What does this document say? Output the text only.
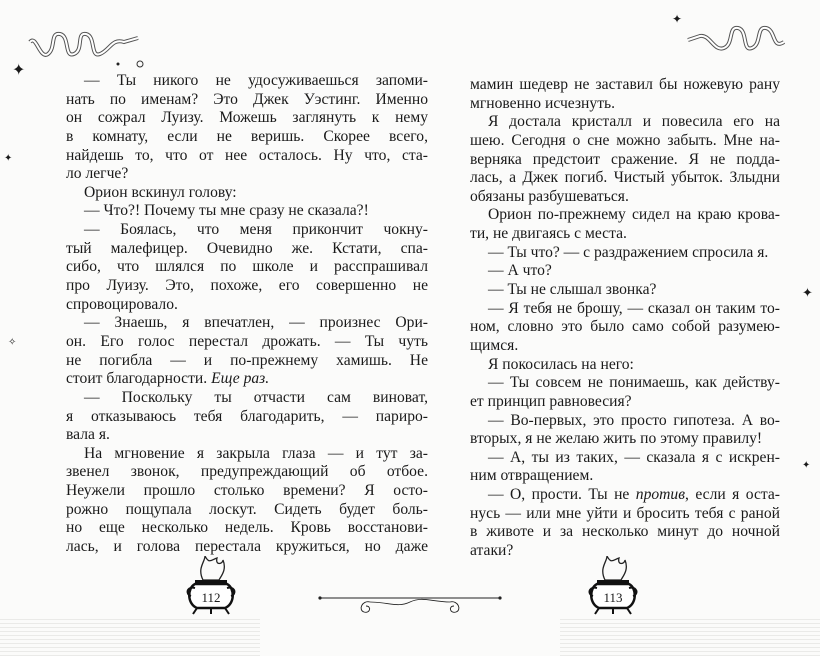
✦
✦
✧
— Ты никого не удосуживаешься запоми-
нать по именам? Это Джек Уэстинг. Именно
он сожрал Луизу. Можешь заглянуть к нему
в комнату, если не веришь. Скорее всего,
найдешь то, что от нее осталось. Ну что, ста-
ло легче?
Орион вскинул голову:
— Что?! Почему ты мне сразу не сказала?!
— Боялась, что меня прикончит чокну-
тый малефицер. Очевидно же. Кстати, спа-
сибо, что шлялся по школе и расспрашивал
про Луизу. Это, похоже, его совершенно не
спровоцировало.
— Знаешь, я впечатлен, — произнес Ори-
он. Его голос перестал дрожать. — Ты чуть
не погибла — и по-прежнему хамишь. Не
стоит благодарности. Еще раз.
— Поскольку ты отчасти сам виноват,
я отказываюсь тебя благодарить, — париро-
вала я.
На мгновение я закрыла глаза — и тут за-
звенел звонок, предупреждающий об отбое.
Неужели прошло столько времени? Я осто-
рожно пощупала лоскут. Сидеть будет боль-
но еще несколько недель. Кровь восстанови-
лась, и голова перестала кружиться, но даже
112
✦
✦
✦
мамин шедевр не заставил бы ножевую рану
мгновенно исчезнуть.
Я достала кристалл и повесила его на
шею. Сегодня о сне можно забыть. Мне на-
верняка предстоит сражение. Я не подда-
лась, а Джек погиб. Чистый убыток. Злыдни
обязаны разбушеваться.
Орион по-прежнему сидел на краю крова-
ти, не двигаясь с места.
— Ты что? — с раздражением спросила я.
— А что?
— Ты не слышал звонка?
— Я тебя не брошу, — сказал он таким то-
ном, словно это было само собой разумею-
щимся.
Я покосилась на него:
— Ты совсем не понимаешь, как действу-
ет принцип равновесия?
— Во-первых, это просто гипотеза. А во-
вторых, я не желаю жить по этому правилу!
— А, ты из таких, — сказала я с искрен-
ним отвращением.
— О, прости. Ты не против, если я оста-
нусь — или мне уйти и бросить тебя с раной
в животе и за несколько минут до ночной
атаки?
113
